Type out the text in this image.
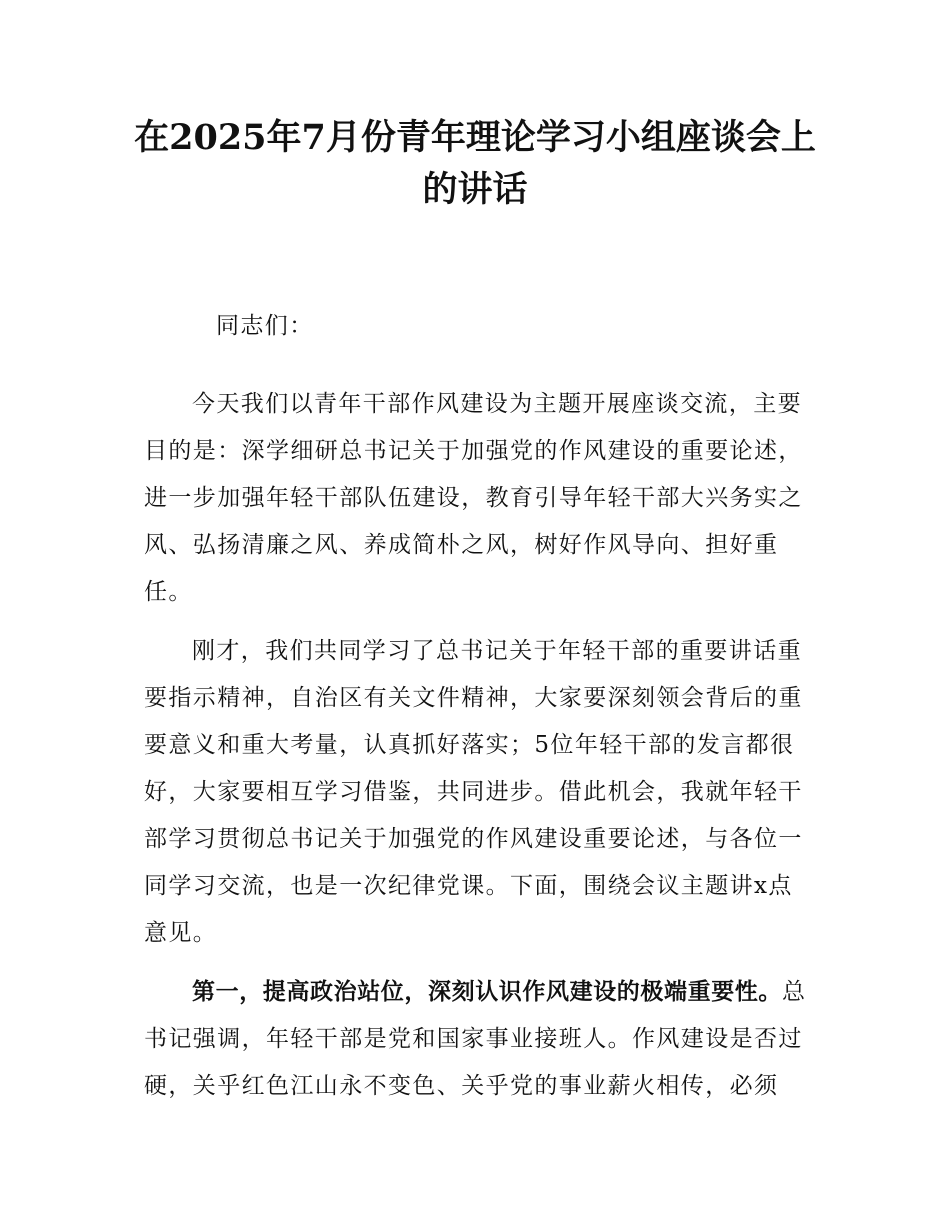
在2025年7月份青年理论学习小组座谈会上的讲话

同志们：

今天我们以青年干部作风建设为主题开展座谈交流，主要目的是：深学细研总书记关于加强党的作风建设的重要论述，进一步加强年轻干部队伍建设，教育引导年轻干部大兴务实之风、弘扬清廉之风、养成简朴之风，树好作风导向、担好重任。

刚才，我们共同学习了总书记关于年轻干部的重要讲话重要指示精神，自治区有关文件精神，大家要深刻领会背后的重要意义和重大考量，认真抓好落实；5位年轻干部的发言都很好，大家要相互学习借鉴，共同进步。借此机会，我就年轻干部学习贯彻总书记关于加强党的作风建设重要论述，与各位一同学习交流，也是一次纪律党课。下面，围绕会议主题讲x点意见。

第一，提高政治站位，深刻认识作风建设的极端重要性。总书记强调，年轻干部是党和国家事业接班人。作风建设是否过硬，关乎红色江山永不变色、关乎党的事业薪火相传，必须
